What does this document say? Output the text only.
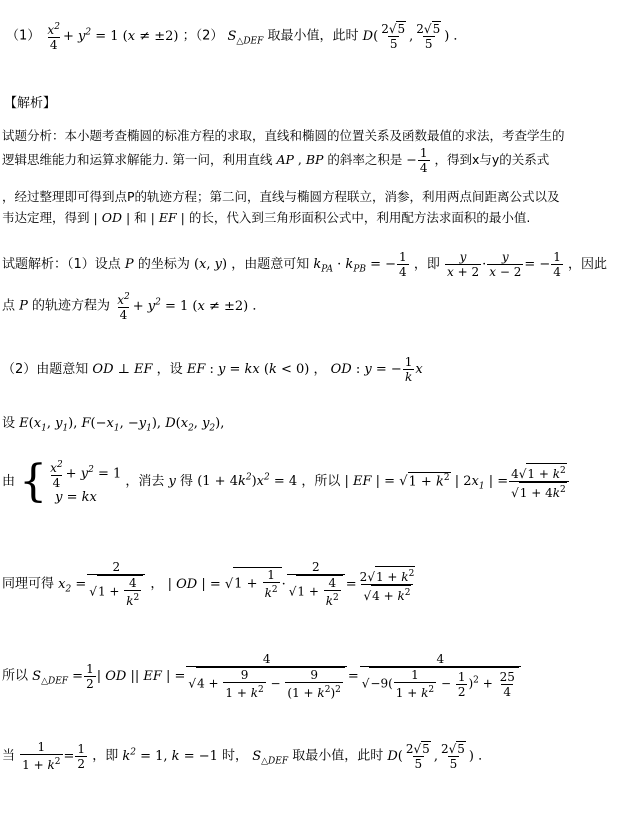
$(1) \frac{x^2}{4} + y^2 = 1$ (x ≠ ±2) ；（2） $S_{\triangle DEF}$ 取最小值，此时 $D( \frac{2√5}{5}$ , $\frac{2√5}{5}$ ) ．
【解析】
试题分析：本小题考查椭圆的标准方程的求取，直线和椭圆的位置关系及函数最值的求法，考查学生的
逻辑思维能力和运算求解能力. 第一问，利用直线 AP , BP 的斜率之积是 − $\frac{1}{4}$ ，得到x与y的关系式
，经过整理即可得到点P的轨迹方程；第二问，直线与椭圆方程联立，消参，利用两点间距离公式以及
韦达定理，得到 | OD | 和 | EF | 的长，代入到三角形面积公式中，利用配方法求面积的最小值.
试题解析：（1）设点 P 的坐标为 (x, y) ，由题意可知 $k_{PA} \cdot k_{PB}$ = − $\frac{1}{4}$ ，即 $\frac{y}{x + 2} \cdot \frac{y}{x - 2}$ = − $\frac{1}{4}$ ，因此
点 P 的轨迹方程为 $\frac{x^2}{4} + y^2 = 1$ (x ≠ ±2) ．
（2）由题意知 OD ⊥ EF ，设 EF : y = kx (k < 0) ， OD : y = − $\frac{1}{k}$ x
设 $E(x_1$, $y_1$), $F(-x_1$, $-y_1$), $D(x_2$, $y_2$),
由 { $\frac{x^2}{4} + y^2 = 1$
y = kx
，消去 y 得 $(1 + 4k^2)x^2 = 4$ ，所以 | EF | = $√1 + k^2$ | $2x_1$ | = $\frac{4√1 + k^2}{√1 + 4k^2}$
同理可得 $x_2 = \frac{2}{√1 + \frac{4}{k^2}}$ ， | OD | = $√1 + \frac{1}{k^2} \cdot \frac{2}{√1 + \frac{4}{k^2}} = \frac{2√1 + k^2}{√4 + k^2}$
所以 $S_{\triangle DEF} = \frac{1}{2}$ | OD || EF | = $\frac{4}{√4 + \frac{9}{1 + k^2} - \frac{9}{(1 + k^2)^2}} = \frac{4}{√-9( \frac{1}{1 + k^2} - \frac{1}{2} )^2 + \frac{25}{4}}$
当 $\frac{1}{1 + k^2} = \frac{1}{2}$ ，即 $k^2 = 1$, k = −1 时， $S_{\triangle DEF}$ 取最小值，此时 $D( \frac{2√5}{5}$ , $\frac{2√5}{5}$ ) ．
